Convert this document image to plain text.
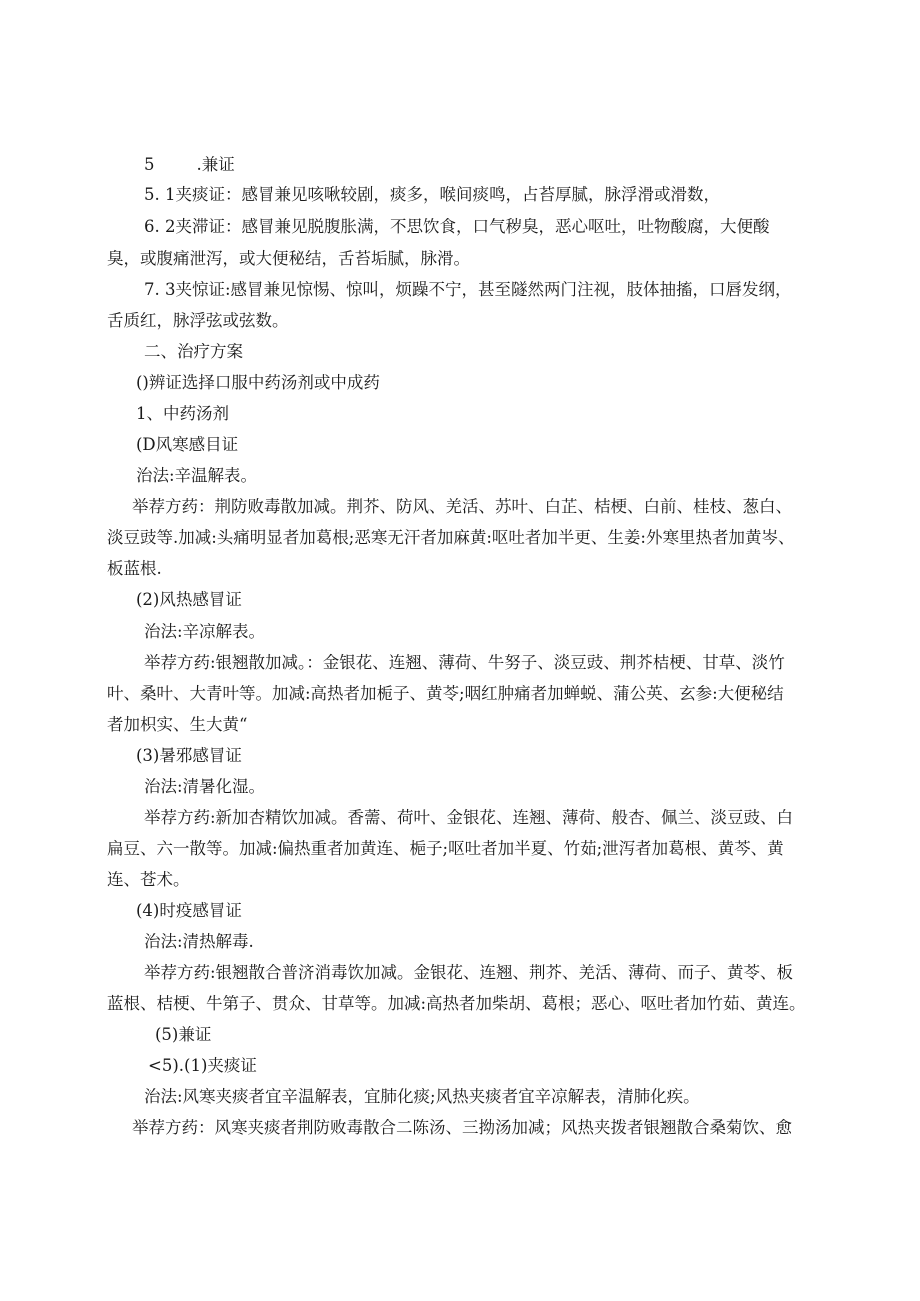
5        .兼证
5. 1夹痰证：感冒兼见咳啾较剧，痰多，喉间痰鸣，占苔厚腻，脉浮滑或滑数，
6. 2夹滞证：感冒兼见脱腹胀满，不思饮食，口气秽臭，恶心呕吐，吐物酸腐，大便酸
臭，或腹痛泄泻，或大便秘结，舌苔垢腻，脉滑。
7. 3夹惊证:感冒兼见惊惕、惊叫，烦躁不宁，甚至隧然两门注视，肢体抽搐，口唇发纲，
舌质红，脉浮弦或弦数。
二、治疗方案
()辨证选择口服中药汤剂或中成药
1、中药汤剂
(D风寒感目证
治法:辛温解表。
举荐方药：荆防败毒散加减。荆芥、防风、羌活、苏叶、白芷、桔梗、白前、桂枝、葱白、
淡豆豉等.加减:头痛明显者加葛根;恶寒无汗者加麻黄:呕吐者加半更、生姜:外寒里热者加黄岑、
板蓝根.
(2)风热感冒证
治法:辛凉解表。
举荐方药:银翘散加减。：金银花、连翘、薄荷、牛努子、淡豆豉、荆芥桔梗、甘草、淡竹
叶、桑叶、大青叶等。加减:高热者加栀子、黄苓;咽红肿痛者加蝉蜕、蒲公英、玄参:大便秘结
者加枳实、生大黄“
(3)暑邪感冒证
治法:清暑化湿。
举荐方药:新加杏精饮加减。香薷、荷叶、金银花、连翘、薄荷、般杏、佩兰、淡豆豉、白
扁豆、六一散等。加减:偏热重者加黄连、梔子;呕吐者加半夏、竹茹;泄泻者加葛根、黄芩、黄
连、苍术。
(4)时疫感冒证
治法:清热解毒.
举荐方药:银翘散合普济消毒饮加减。金银花、连翘、荆芥、羌活、薄荷、而子、黄苓、板
蓝根、桔梗、牛第子、贯众、甘草等。加减:高热者加柴胡、葛根；恶心、呕吐者加竹茹、黄连。
(5)兼证
<5).(1)夹痰证
治法:风寒夹痰者宜辛温解表，宜肺化痰;风热夹痰者宜辛凉解表，清肺化疾。
举荐方药：风寒夹痰者荆防败毒散合二陈汤、三拗汤加减；风热夹拨者银翘散合桑菊饮、愈
